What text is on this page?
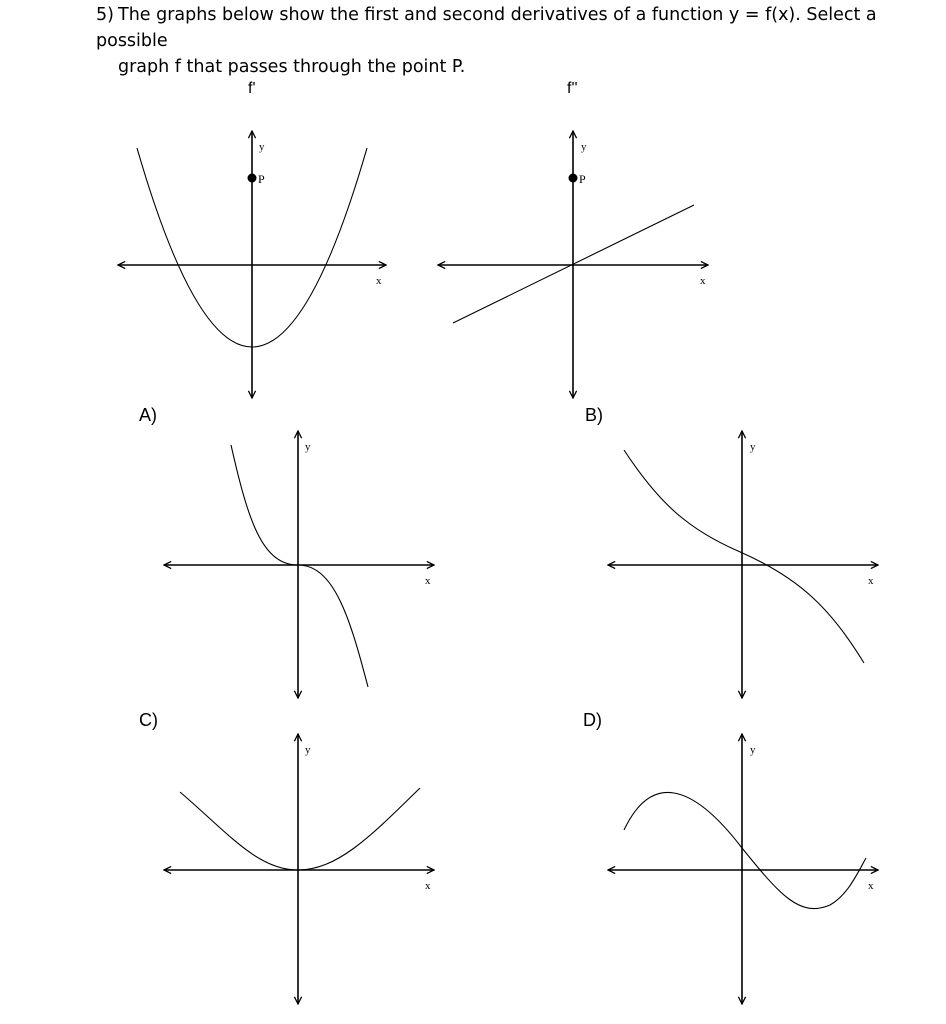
5) The graphs below show the first and second derivatives of a function y = f(x). Select a possible
graph f that passes through the point P.
f'	f''
A)	B)
C)	D)
P
y
x
P
y
x
y
x
y
x
y
x
y
x
